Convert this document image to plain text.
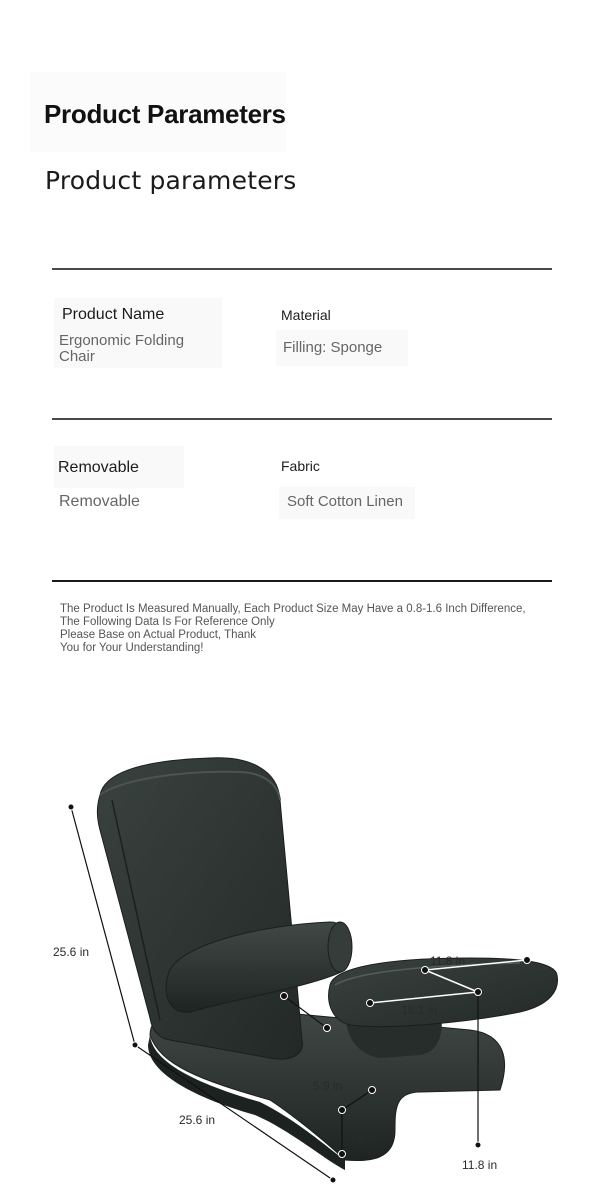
Product Parameters
Product parameters
Product Name
Ergonomic Folding Chair
Material
Filling: Sponge
Removable
Removable
Fabric
Soft Cotton Linen
The Product Is Measured Manually, Each Product Size May Have a 0.8-1.6 Inch Difference,
The Following Data Is For Reference Only
Please Base on Actual Product, Thank
You for Your Understanding!
25.6 in
25.6 in
11.8 in
11.8 in
18.1 in
5.9 in
3.9 in
11.8 in
